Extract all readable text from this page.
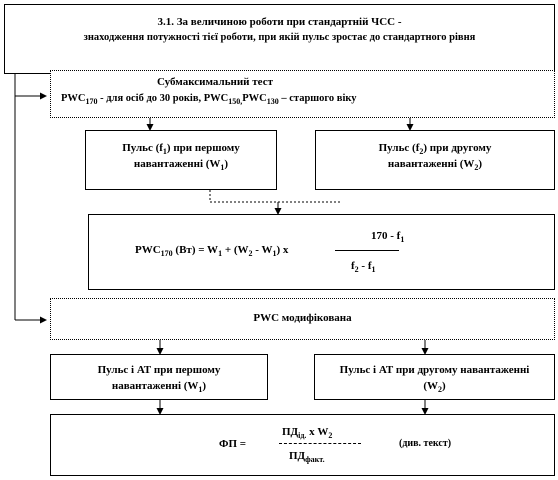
3.1. За величиною роботи при стандартній ЧСС -
знаходження потужності тієї роботи, при якій пульс зростає до стандартного рівня
Субмаксимальний тест
$PWC_{170}$ - для осіб до 30 років, $PWC_{150,}PWC_{130}$ – старшого віку
Пульс $(f_1)$ при першому
навантаженні $(W_1)$
Пульс $(f_2)$ при другому
навантаженні $(W_2)$
$PWC_{170}$ $(Вт) = W_1 + (W_2 - W_1)$ х
$170 - f_1$
$f_2 - f_1$
PWC модифікована
Пульс і АТ при першому
навантаженні $(W_1)$
Пульс і АТ при другому навантаженні
$(W_2)$
ФП =
$ПД_{ід.}$ х $W_2$
$ПД_{факт.}$
(див. текст)
